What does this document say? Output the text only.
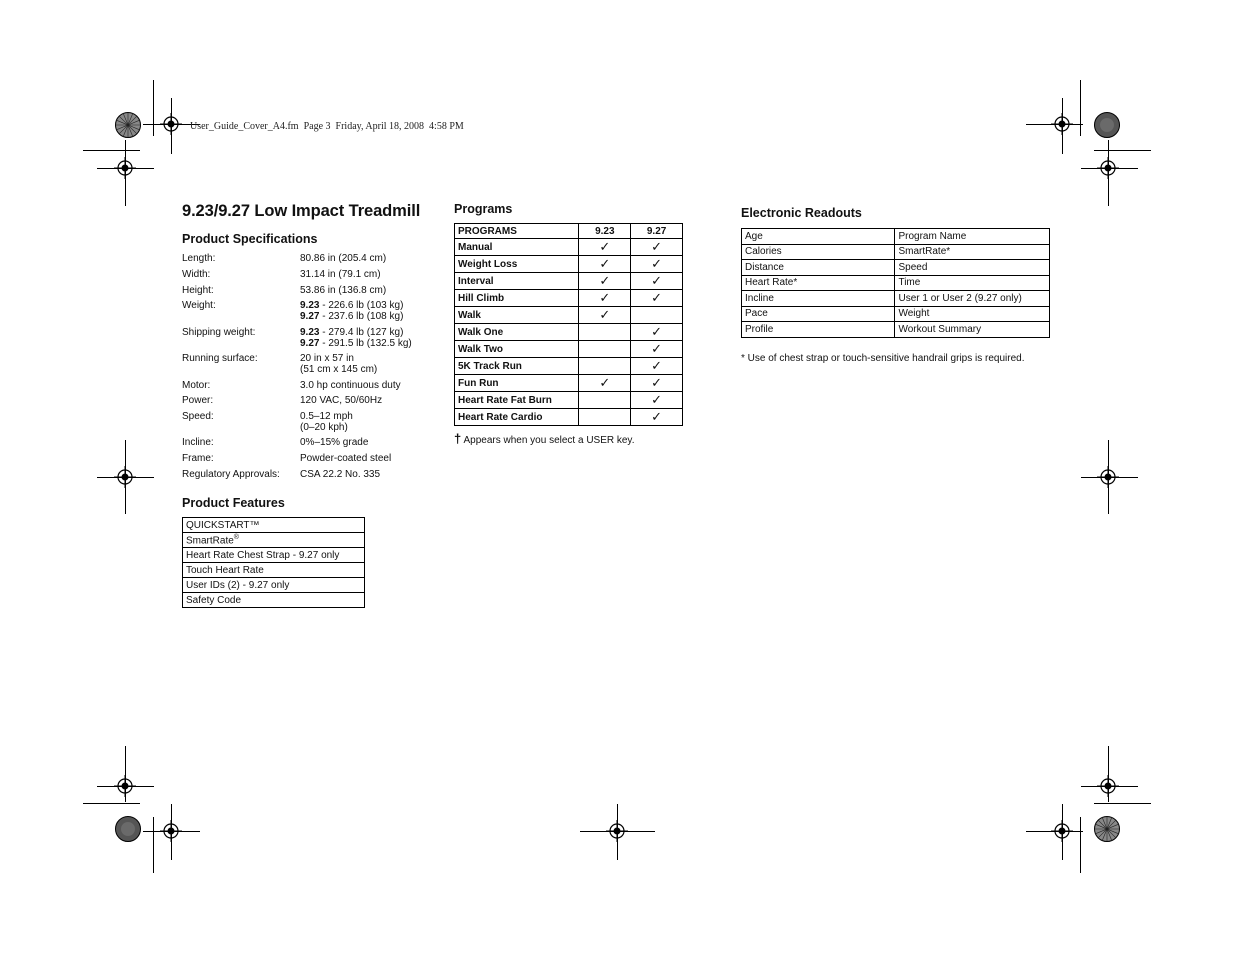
User_Guide_Cover_A4.fm  Page 3  Friday, April 18, 2008  4:58 PM
9.23/9.27 Low Impact Treadmill
Product Specifications
Length:	80.86 in (205.4 cm)
Width:	31.14 in (79.1 cm)
Height:	53.86 in (136.8 cm)
Weight:	9.23 - 226.6 lb (103 kg)
9.27 - 237.6 lb (108 kg)
Shipping weight:	9.23 - 279.4 lb (127 kg)
9.27 - 291.5 lb (132.5 kg)
Running surface:	20 in x 57 in
(51 cm x 145 cm)
Motor:	3.0 hp continuous duty
Power:	120 VAC, 50/60Hz
Speed:	0.5–12 mph
(0–20 kph)
Incline:	0%–15% grade
Frame:	Powder-coated steel
Regulatory Approvals:	CSA 22.2 No. 335
Product Features
QUICKSTART™
SmartRate®
Heart Rate Chest Strap - 9.27 only
Touch Heart Rate
User IDs (2) - 9.27 only
Safety Code
Programs
PROGRAMS	9.23	9.27
Manual	✓	✓
Weight Loss	✓	✓
Interval	✓	✓
Hill Climb	✓	✓
Walk	✓	
Walk One		✓
Walk Two		✓
5K Track Run		✓
Fun Run	✓	✓
Heart Rate Fat Burn		✓
Heart Rate Cardio		✓
† Appears when you select a USER key.
Electronic Readouts
Age	Program Name
Calories	SmartRate*
Distance	Speed
Heart Rate*	Time
Incline	User 1 or User 2 (9.27 only)
Pace	Weight
Profile	Workout Summary
* Use of chest strap or touch-sensitive handrail grips is required.
